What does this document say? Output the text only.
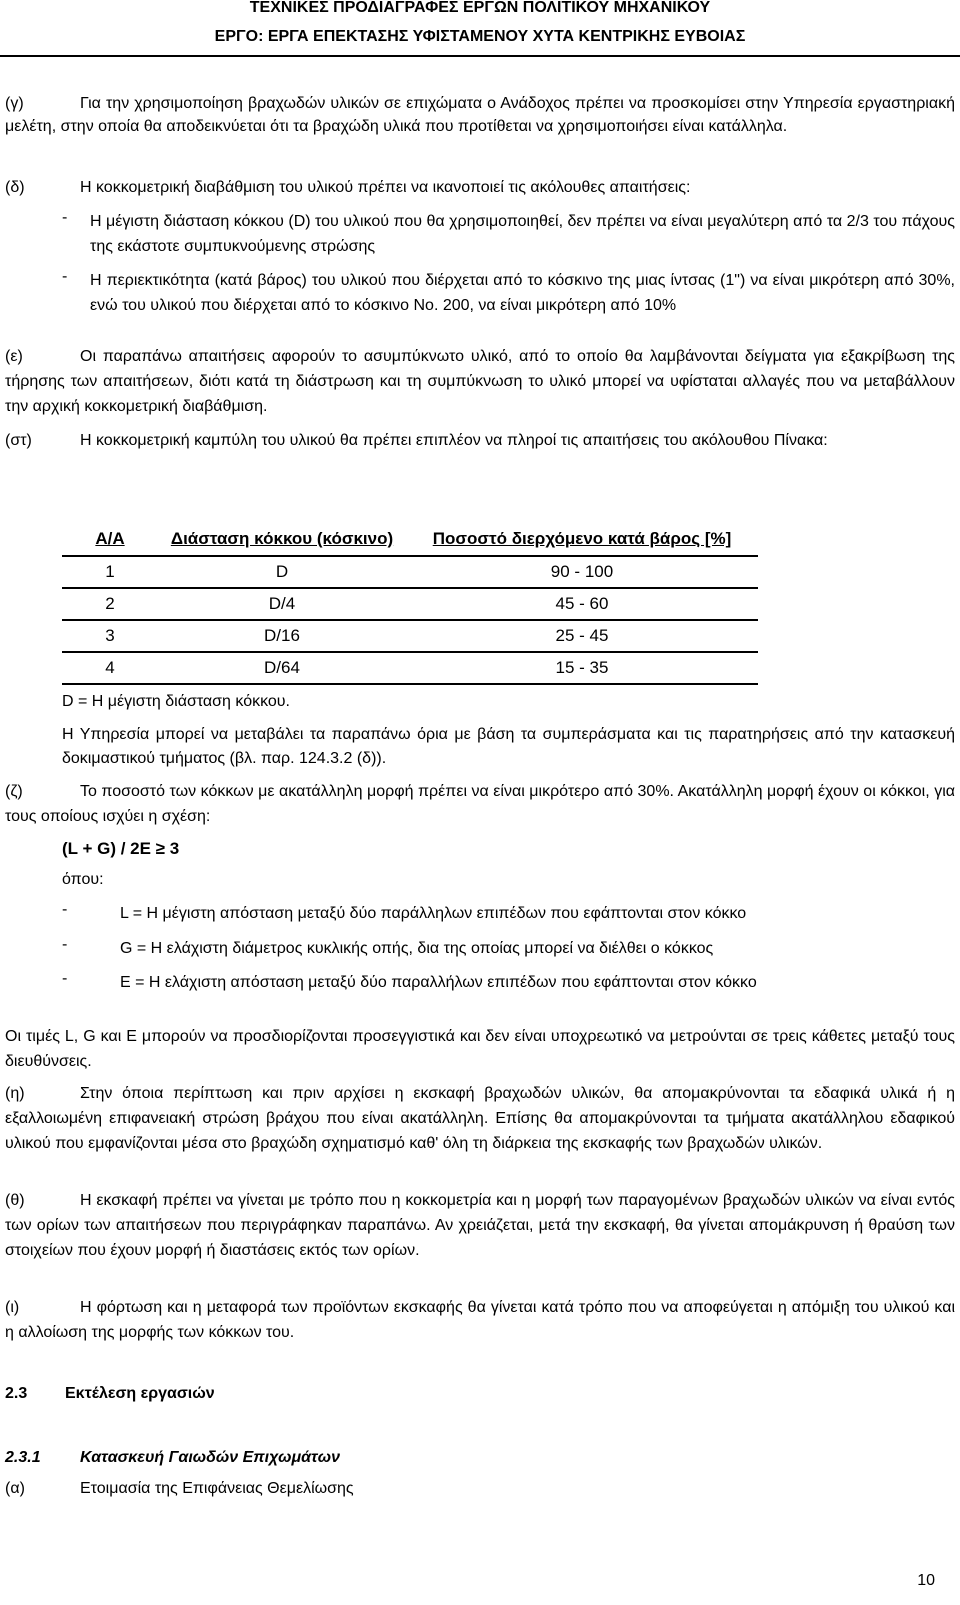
ΤΕΧΝΙΚΕΣ ΠΡΟΔΙΑΓΡΑΦΕΣ ΕΡΓΩΝ ΠΟΛΙΤΙΚΟΥ ΜΗΧΑΝΙΚΟΥ
ΕΡΓΟ: ΕΡΓΑ ΕΠΕΚΤΑΣΗΣ ΥΦΙΣΤΑΜΕΝΟΥ ΧΥΤΑ ΚΕΝΤΡΙΚΗΣ ΕΥΒΟΙΑΣ
(γ)	Για την χρησιμοποίηση βραχωδών υλικών σε επιχώματα ο Ανάδοχος πρέπει να προσκομίσει στην Υπηρεσία εργαστηριακή μελέτη, στην οποία θα αποδεικνύεται ότι τα βραχώδη υλικά που προτίθεται να χρησιμοποιήσει είναι κατάλληλα.
(δ)	Η κοκκομετρική διαβάθμιση του υλικού πρέπει να ικανοποιεί τις ακόλουθες απαιτήσεις:
-	Η μέγιστη διάσταση κόκκου (D) του υλικού που θα χρησιμοποιηθεί, δεν πρέπει να είναι μεγαλύτερη από τα 2/3 του πάχους της εκάστοτε συμπυκνούμενης στρώσης
-	Η περιεκτικότητα (κατά βάρος) του υλικού που διέρχεται από το κόσκινο της μιας ίντσας (1") να είναι μικρότερη από 30%, ενώ του υλικού που διέρχεται από το κόσκινο Νο. 200, να είναι μικρότερη από 10%
(ε)	Οι παραπάνω απαιτήσεις αφορούν το ασυμπύκνωτο υλικό, από το οποίο θα λαμβάνονται δείγματα για εξακρίβωση της τήρησης των απαιτήσεων, διότι κατά τη διάστρωση και τη συμπύκνωση το υλικό μπορεί να υφίσταται αλλαγές που να μεταβάλλουν την αρχική κοκκομετρική διαβάθμιση.
(στ)	Η κοκκομετρική καμπύλη του υλικού θα πρέπει επιπλέον να πληροί τις απαιτήσεις του ακόλουθου Πίνακα:
Α/Α	Διάσταση κόκκου (κόσκινο)	Ποσοστό διερχόμενο κατά βάρος [%]
1	D	90 - 100
2	D/4	45 - 60
3	D/16	25 - 45
4	D/64	15 - 35
D = Η μέγιστη διάσταση κόκκου.
Η Υπηρεσία μπορεί να μεταβάλει τα παραπάνω όρια με βάση τα συμπεράσματα και τις παρατηρήσεις από την κατασκευή δοκιμαστικού τμήματος (βλ. παρ. 124.3.2 (δ)).
(ζ)	Το ποσοστό των κόκκων με ακατάλληλη μορφή πρέπει να είναι μικρότερο από 30%. Ακατάλληλη μορφή έχουν οι κόκκοι, για τους οποίους ισχύει η σχέση:
(L + G) / 2E ≥ 3
όπου:
-	L = Η μέγιστη απόσταση μεταξύ δύο παράλληλων επιπέδων που εφάπτονται στον κόκκο
-	G = Η ελάχιστη διάμετρος κυκλικής οπής, δια της οποίας μπορεί να διέλθει ο κόκκος
-	E = Η ελάχιστη απόσταση μεταξύ δύο παραλλήλων επιπέδων που εφάπτονται στον κόκκο
Οι τιμές L, G και E μπορούν να προσδιορίζονται προσεγγιστικά και δεν είναι υποχρεωτικό να μετρούνται σε τρεις κάθετες μεταξύ τους διευθύνσεις.
(η)	Στην όποια περίπτωση και πριν αρχίσει η εκσκαφή βραχωδών υλικών, θα απομακρύνονται τα εδαφικά υλικά ή η εξαλλοιωμένη επιφανειακή στρώση βράχου που είναι ακατάλληλη. Επίσης θα απομακρύνονται τα τμήματα ακατάλληλου εδαφικού υλικού που εμφανίζονται μέσα στο βραχώδη σχηματισμό καθ' όλη τη διάρκεια της εκσκαφής των βραχωδών υλικών.
(θ)	Η εκσκαφή πρέπει να γίνεται με τρόπο που η κοκκομετρία και η μορφή των παραγομένων βραχωδών υλικών να είναι εντός των ορίων των απαιτήσεων που περιγράφηκαν παραπάνω. Αν χρειάζεται, μετά την εκσκαφή, θα γίνεται απομάκρυνση ή θραύση των στοιχείων που έχουν μορφή ή διαστάσεις εκτός των ορίων.
(ι)	Η φόρτωση και η μεταφορά των προϊόντων εκσκαφής θα γίνεται κατά τρόπο που να αποφεύγεται η απόμιξη του υλικού και η αλλοίωση της μορφής των κόκκων του.
2.3 Εκτέλεση εργασιών
2.3.1 Κατασκευή Γαιωδών Επιχωμάτων
(α)	Ετοιμασία της Επιφάνειας Θεμελίωσης
10
